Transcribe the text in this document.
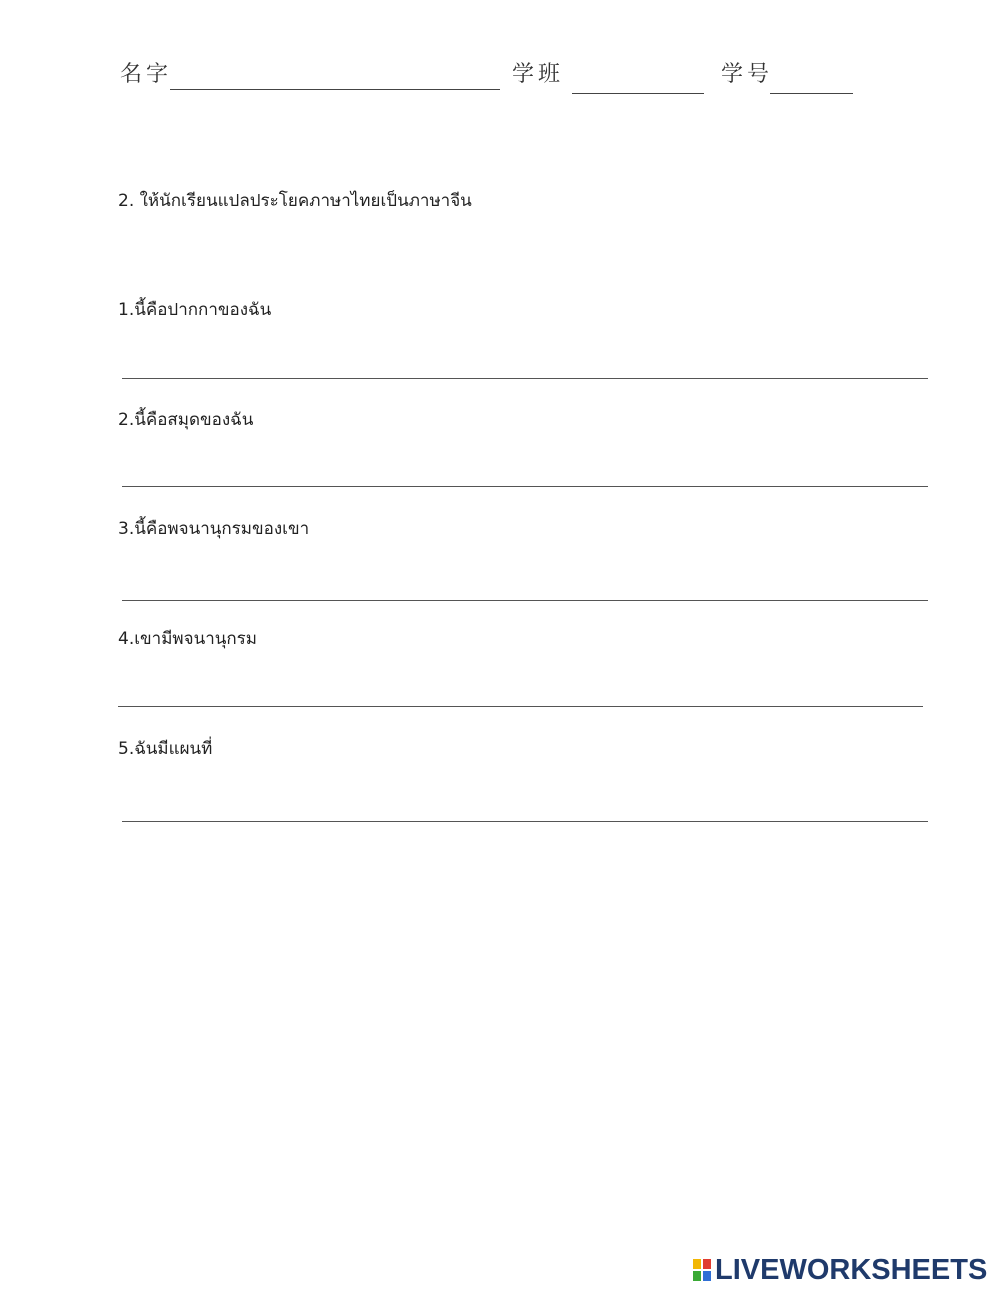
名字	学班	学号
2. ให้นักเรียนแปลประโยคภาษาไทยเป็นภาษาจีน
1.นี้คือปากกาของฉัน
2.นี้คือสมุดของฉัน
3.นี้คือพจนานุกรมของเขา
4.เขามีพจนานุกรม
5.ฉันมีแผนที่
LIVEWORKSHEETS
